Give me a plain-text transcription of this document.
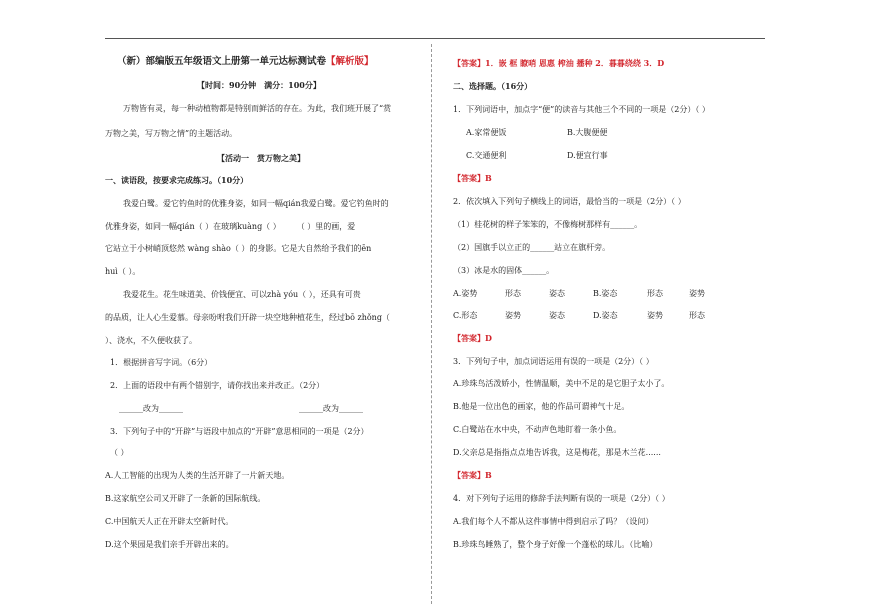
（新）部编版五年级语文上册第一单元达标测试卷【解析版】
【时间：90分钟　满分：100分】
万物皆有灵，每一种动植物都是特别而鲜活的存在。为此，我们班开展了“赏
万物之美，写万物之情”的主题活动。
【活动一　赏万物之美】
一、读语段，按要求完成练习。（10分）
我爱白鹭。爱它钓鱼时的优雅身姿，如同一幅qián我爱白鹭。爱它钓鱼时的
优雅身姿，如同一幅qián（ ）在玻璃kuàng（ ）　　　（ ）里的画，爱
它站立于小树峭顶悠然 wàng shào（ ）的身影。它是大自然给予我们的ēn
huì（ ）。
我爱花生。花生味道美、价钱便宜、可以zhà yóu（ ），还具有可贵
的品质，让人心生爱慕。母亲吩咐我们开辟一块空地种植花生，经过bō zhǒng（
）、浇水，不久便收获了。
1．根据拼音写字词。（6分）
2．上面的语段中有两个错别字，请你找出来并改正。（2分）
______改为______	______改为______
3．下列句子中的“开辟”与语段中加点的“开辟”意思相同的一项是（2分）
（ ）
A.人工智能的出现为人类的生活开辟了一片新天地。
B.这家航空公司又开辟了一条新的国际航线。
C.中国航天人正在开辟太空新时代。
D.这个果园是我们亲手开辟出来的。
【答案】1．嵌 框 瞭哨 恩惠 榨油 播种 2．暮暮绕绕 3．D
二、选择题。（16分）
1．下列词语中，加点字“便”的读音与其他三个不同的一项是（2分）（ ）
A.家常便饭	B.大腹便便
C.交通便利	D.便宜行事
【答案】B
2．依次填入下列句子横线上的词语，最恰当的一项是（2分）（ ）
（1）桂花树的样子笨笨的，不像梅树那样有______。
（2）国旗手以立正的______站立在旗杆旁。
（3）冰是水的固体______。
A.姿势	形态	姿态	B.姿态	形态	姿势
C.形态	姿势	姿态	D.姿态	姿势	形态
【答案】D
3．下列句子中，加点词语运用有误的一项是（2分）（ ）
A.珍珠鸟活泼娇小，性情温顺，美中不足的是它胆子太小了。
B.他是一位出色的画家，他的作品可谓神气十足。
C.白鹭站在水中央，不动声色地盯着一条小鱼。
D.父亲总是指指点点地告诉我，这是梅花，那是木兰花......
【答案】B
4．对下列句子运用的修辞手法判断有误的一项是（2分）（ ）
A.我们每个人不都从这件事情中得到启示了吗？（设问）
B.珍珠鸟睡熟了，整个身子好像一个蓬松的球儿。（比喻）
